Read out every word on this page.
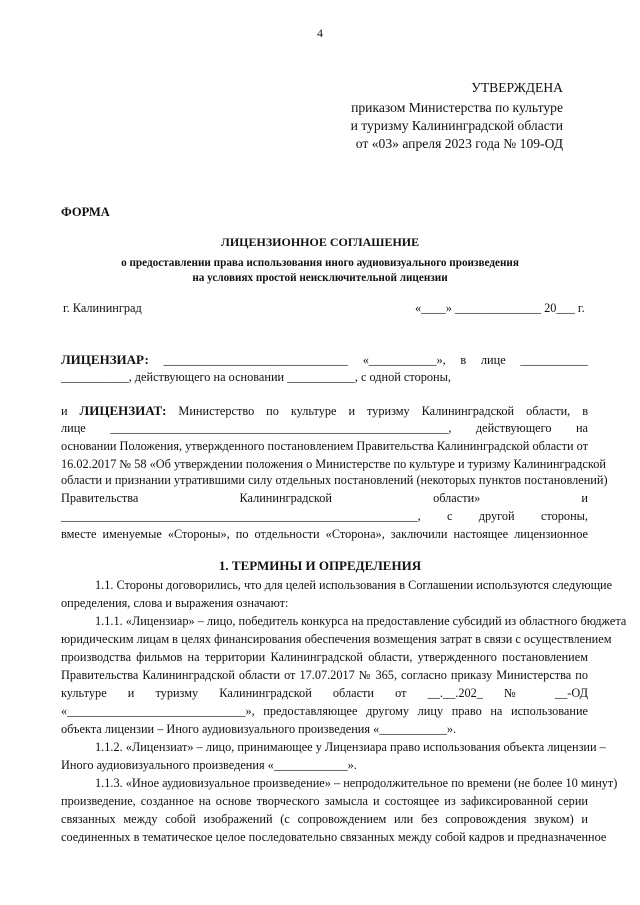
4
УТВЕРЖДЕНА
приказом Министерства по культуре
и туризму Калининградской области
от «03» апреля 2023 года № 109-ОД
ФОРМА
ЛИЦЕНЗИОННОЕ СОГЛАШЕНИЕ
о предоставлении права использования иного аудиовизуального произведения
на условиях простой неисключительной лицензии
г. Калининград	«____» ______________ 20___ г.
ЛИЦЕНЗИАР: ______________________________ «___________», в лице ___________
___________, действующего на основании ___________, с одной стороны,
и ЛИЦЕНЗИАТ: Министерство по культуре и туризму Калининградской области, в
лице _______________________________________________________, действующего на
основании Положения, утвержденного постановлением Правительства Калининградской области от
16.02.2017 № 58 «Об утверждении положения о Министерстве по культуре и туризму Калининградской
области и признании утратившими силу отдельных постановлений (некоторых пунктов постановлений)
Правительства Калининградской области» и
__________________________________________________________, с другой стороны,
вместе именуемые «Стороны», по отдельности «Сторона», заключили настоящее лицензионное
1. ТЕРМИНЫ И ОПРЕДЕЛЕНИЯ
1.1. Стороны договорились, что для целей использования в Соглашении используются следующие
определения, слова и выражения означают:
1.1.1. «Лицензиар» – лицо, победитель конкурса на предоставление субсидий из областного бюджета
юридическим лицам в целях финансирования обеспечения возмещения затрат в связи с осуществлением
производства фильмов на территории Калининградской области, утвержденного постановлением
Правительства Калининградской области от 17.07.2017 № 365, согласно приказу Министерства по
культуре и туризму Калининградской области от __.__.202_ № __-ОД
«_____________________________», предоставляющее другому лицу право на использование
объекта лицензии – Иного аудиовизуального произведения «___________».
1.1.2. «Лицензиат» – лицо, принимающее у Лицензиара право использования объекта лицензии –
Иного аудиовизуального произведения «____________».
1.1.3. «Иное аудиовизуальное произведение» – непродолжительное по времени (не более 10 минут)
произведение, созданное на основе творческого замысла и состоящее из зафиксированной серии
связанных между собой изображений (с сопровождением или без сопровождения звуком) и
соединенных в тематическое целое последовательно связанных между собой кадров и предназначенное
